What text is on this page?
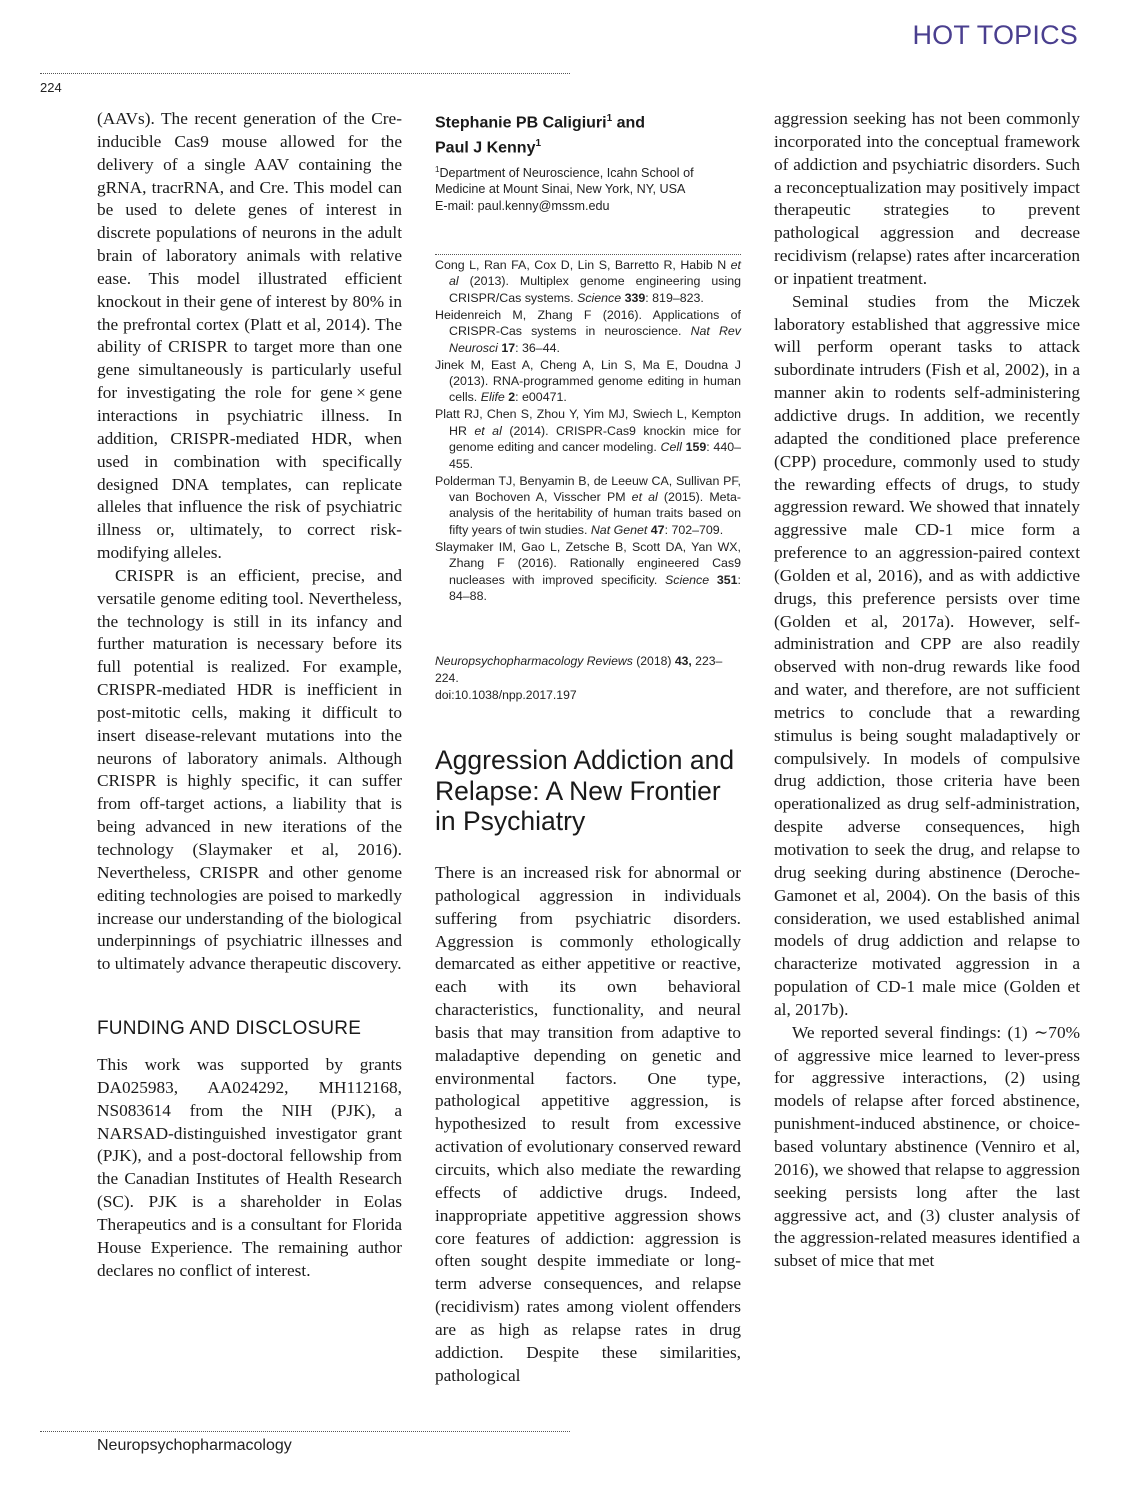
HOT TOPICS
224

(AAVs). The recent generation of the Cre-inducible Cas9 mouse allowed for the delivery of a single AAV containing the gRNA, tracrRNA, and Cre. This model can be used to delete genes of interest in discrete populations of neurons in the adult brain of laboratory animals with relative ease. This model illustrated efficient knockout in their gene of interest by 80% in the prefrontal cortex (Platt et al, 2014). The ability of CRISPR to target more than one gene simultaneously is particularly useful for investigating the role for gene × gene interactions in psychiatric illness. In addition, CRISPR-mediated HDR, when used in combination with specifically designed DNA templates, can replicate alleles that influence the risk of psychiatric illness or, ultimately, to correct risk-modifying alleles.

CRISPR is an efficient, precise, and versatile genome editing tool. Nevertheless, the technology is still in its infancy and further maturation is necessary before its full potential is realized. For example, CRISPR-mediated HDR is inefficient in post-mitotic cells, making it difficult to insert disease-relevant mutations into the neurons of laboratory animals. Although CRISPR is highly specific, it can suffer from off-target actions, a liability that is being advanced in new iterations of the technology (Slaymaker et al, 2016). Nevertheless, CRISPR and other genome editing technologies are poised to markedly increase our understanding of the biological underpinnings of psychiatric illnesses and to ultimately advance therapeutic discovery.

FUNDING AND DISCLOSURE

This work was supported by grants DA025983, AA024292, MH112168, NS083614 from the NIH (PJK), a NARSAD-distinguished investigator grant (PJK), and a post-doctoral fellowship from the Canadian Institutes of Health Research (SC). PJK is a shareholder in Eolas Therapeutics and is a consultant for Florida House Experience. The remaining author declares no conflict of interest.

Stephanie PB Caligiuri$^1$ and
Paul J Kenny$^1$

$^1$Department of Neuroscience, Icahn School of Medicine at Mount Sinai, New York, NY, USA
E-mail: paul.kenny@mssm.edu

Cong L, Ran FA, Cox D, Lin S, Barretto R, Habib N et al (2013). Multiplex genome engineering using CRISPR/Cas systems. Science 339: 819–823.

Heidenreich M, Zhang F (2016). Applications of CRISPR-Cas systems in neuroscience. Nat Rev Neurosci 17: 36–44.

Jinek M, East A, Cheng A, Lin S, Ma E, Doudna J (2013). RNA-programmed genome editing in human cells. Elife 2: e00471.

Platt RJ, Chen S, Zhou Y, Yim MJ, Swiech L, Kempton HR et al (2014). CRISPR-Cas9 knockin mice for genome editing and cancer modeling. Cell 159: 440–455.

Polderman TJ, Benyamin B, de Leeuw CA, Sullivan PF, van Bochoven A, Visscher PM et al (2015). Meta-analysis of the heritability of human traits based on fifty years of twin studies. Nat Genet 47: 702–709.

Slaymaker IM, Gao L, Zetsche B, Scott DA, Yan WX, Zhang F (2016). Rationally engineered Cas9 nucleases with improved specificity. Science 351: 84–88.

Neuropsychopharmacology Reviews (2018) 43, 223–224.
doi:10.1038/npp.2017.197
Aggression Addiction and Relapse: A New Frontier in Psychiatry

There is an increased risk for abnormal or pathological aggression in individuals suffering from psychiatric disorders. Aggression is commonly ethologically demarcated as either appetitive or reactive, each with its own behavioral characteristics, functionality, and neural basis that may transition from adaptive to maladaptive depending on genetic and environmental factors. One type, pathological appetitive aggression, is hypothesized to result from excessive activation of evolutionary conserved reward circuits, which also mediate the rewarding effects of addictive drugs. Indeed, inappropriate appetitive aggression shows core features of addiction: aggression is often sought despite immediate or long-term adverse consequences, and relapse (recidivism) rates among violent offenders are as high as relapse rates in drug addiction. Despite these similarities, pathological

aggression seeking has not been commonly incorporated into the conceptual framework of addiction and psychiatric disorders. Such a reconceptualization may positively impact therapeutic strategies to prevent pathological aggression and decrease recidivism (relapse) rates after incarceration or inpatient treatment.

Seminal studies from the Miczek laboratory established that aggressive mice will perform operant tasks to attack subordinate intruders (Fish et al, 2002), in a manner akin to rodents self-administering addictive drugs. In addition, we recently adapted the conditioned place preference (CPP) procedure, commonly used to study the rewarding effects of drugs, to study aggression reward. We showed that innately aggressive male CD-1 mice form a preference to an aggression-paired context (Golden et al, 2016), and as with addictive drugs, this preference persists over time (Golden et al, 2017a). However, self-administration and CPP are also readily observed with non-drug rewards like food and water, and therefore, are not sufficient metrics to conclude that a rewarding stimulus is being sought maladaptively or compulsively. In models of compulsive drug addiction, those criteria have been operationalized as drug self-administration, despite adverse consequences, high motivation to seek the drug, and relapse to drug seeking during abstinence (Deroche-Gamonet et al, 2004). On the basis of this consideration, we used established animal models of drug addiction and relapse to characterize motivated aggression in a population of CD-1 male mice (Golden et al, 2017b).

We reported several findings: (1) ∼70% of aggressive mice learned to lever-press for aggressive interactions, (2) using models of relapse after forced abstinence, punishment-induced abstinence, or choice-based voluntary abstinence (Venniro et al, 2016), we showed that relapse to aggression seeking persists long after the last aggressive act, and (3) cluster analysis of the aggression-related measures identified a subset of mice that met

Neuropsychopharmacology
